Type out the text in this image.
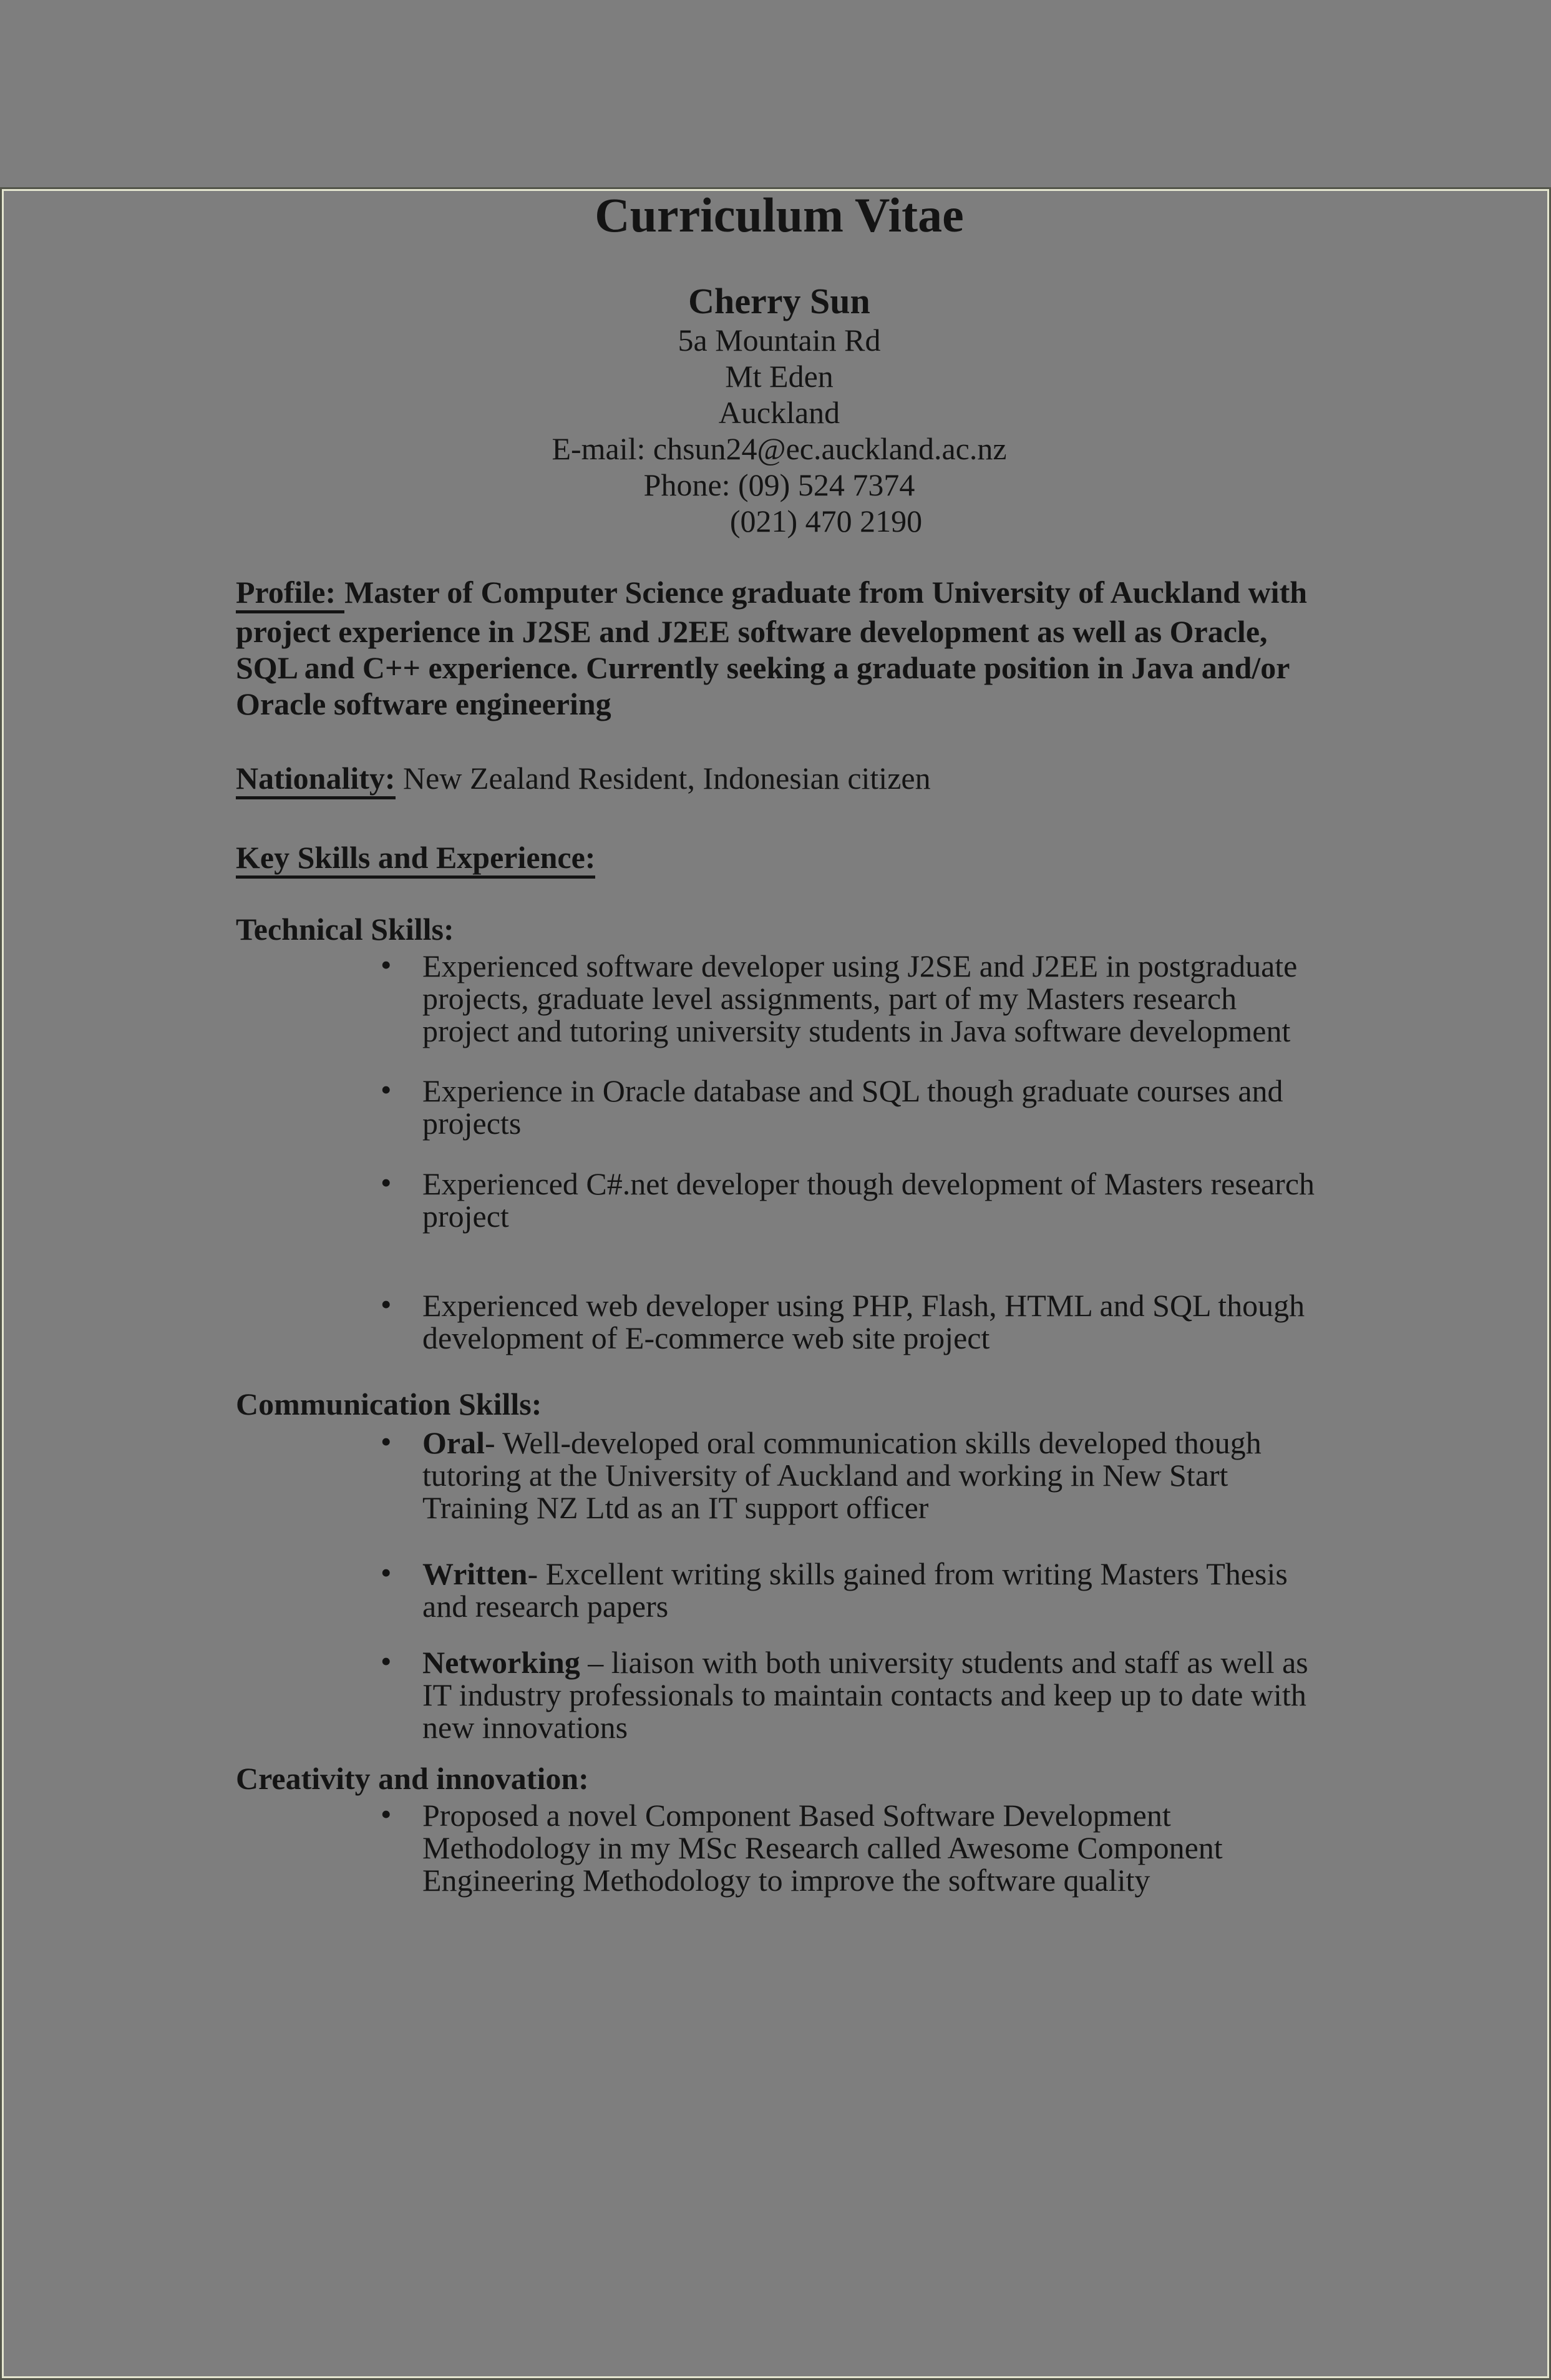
Curriculum Vitae
Cherry Sun
5a Mountain Rd
Mt Eden
Auckland
E-mail: chsun24@ec.auckland.ac.nz
Phone: (09) 524 7374
(021) 470 2190
Profile: Master of Computer Science graduate from University of Auckland with project experience in J2SE and J2EE software development as well as Oracle, SQL and C++ experience. Currently seeking a graduate position in Java and/or Oracle software engineering
Nationality: New Zealand Resident, Indonesian citizen
Key Skills and Experience:
Technical Skills:
• Experienced software developer using J2SE and J2EE in postgraduate projects, graduate level assignments, part of my Masters research project and tutoring university students in Java software development
• Experience in Oracle database and SQL though graduate courses and projects
• Experienced C#.net developer though development of Masters research project
• Experienced web developer using PHP, Flash, HTML and SQL though development of E-commerce web site project
Communication Skills:
• Oral- Well-developed oral communication skills developed though tutoring at the University of Auckland and working in New Start Training NZ Ltd as an IT support officer
• Written- Excellent writing skills gained from writing Masters Thesis and research papers
• Networking – liaison with both university students and staff as well as IT industry professionals to maintain contacts and keep up to date with new innovations
Creativity and innovation:
• Proposed a novel Component Based Software Development Methodology in my MSc Research called Awesome Component Engineering Methodology to improve the software quality
